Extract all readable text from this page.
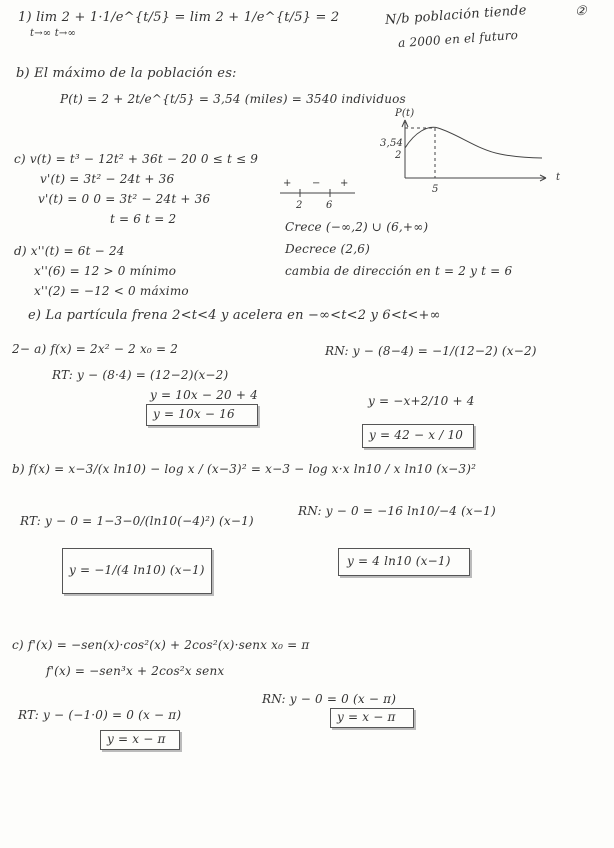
1) lim 2 + 1·1/e^{t/5} = lim 2 + 1/e^{t/5} = 2
t→∞ t→∞
N/b población tiende
a 2000 en el futuro
②
b) El máximo de la población es:
P(t) = 2 + 2t/e^{t/5} = 3,54 (miles) = 3540 individuos
P(t)
3,54
2
5
t
+ − +
2 6
c) v(t) = t³ − 12t² + 36t − 20 0 ≤ t ≤ 9
v'(t) = 3t² − 24t + 36
v'(t) = 0 0 = 3t² − 24t + 36
t = 6 t = 2
Crece (−∞,2) ∪ (6,+∞)
Decrece (2,6)
cambia de dirección en t = 2 y t = 6
d) x''(t) = 6t − 24
x''(6) = 12 > 0 mínimo
x''(2) = −12 < 0 máximo
e) La partícula frena 2<t<4 y acelera en −∞<t<2 y 6<t<+∞
2− a) f(x) = 2x² − 2 x₀ = 2
RT: y − (8·4) = (12−2)(x−2)
RN: y − (8−4) = −1/(12−2) (x−2)
y = 10x − 20 + 4
y = 10x − 16
y = −x+2/10 + 4
y = 42 − x / 10
b) f(x) = x−3/(x ln10) − log x / (x−3)² = x−3 − log x·x ln10 / x ln10 (x−3)²
RT: y − 0 = 1−3−0/(ln10(−4)²) (x−1)
RN: y − 0 = −16 ln10/−4 (x−1)
y = −1/(4 ln10) (x−1)
y = 4 ln10 (x−1)
c) f'(x) = −sen(x)·cos²(x) + 2cos²(x)·senx x₀ = π
f'(x) = −sen³x + 2cos²x senx
RT: y − (−1·0) = 0 (x − π)
RN: y − 0 = 0 (x − π)
y = x − π
y = x − π
